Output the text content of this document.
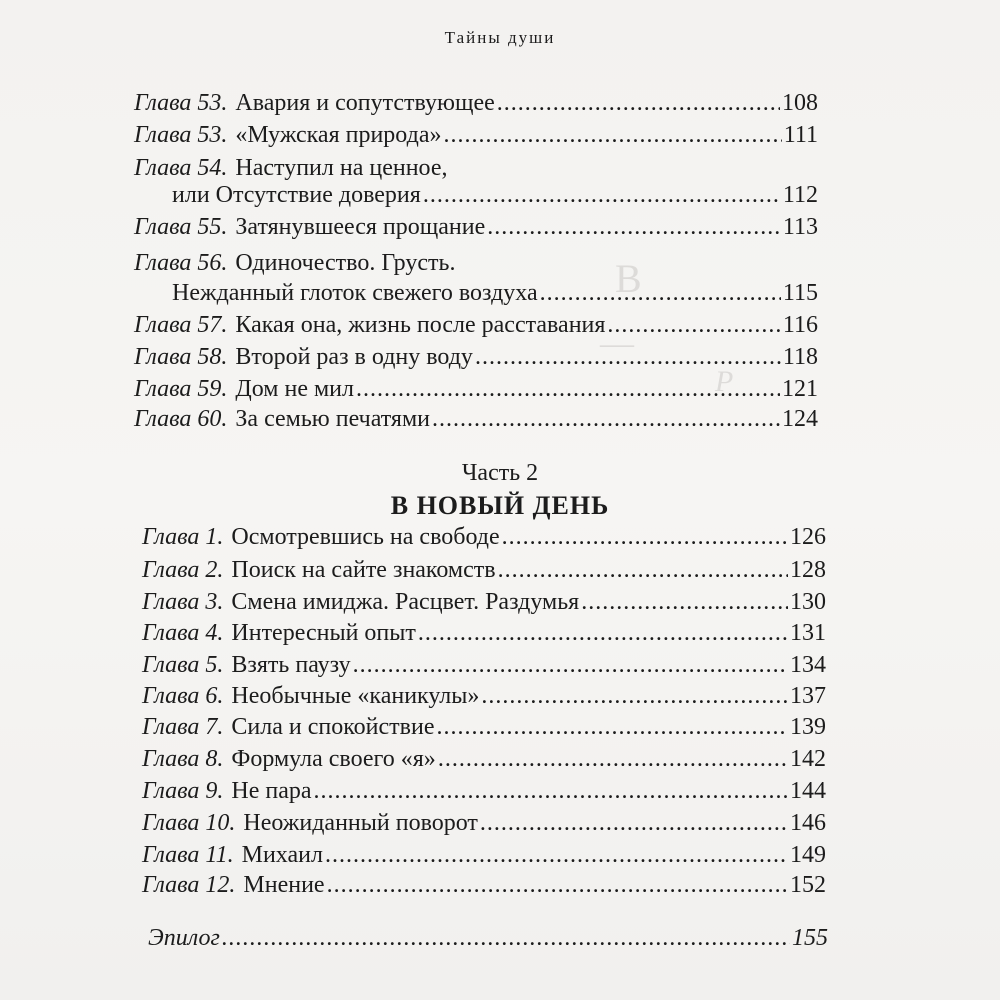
В
—
P
Тайны души
Глава 53. Авария и сопутствующее .....	108
Глава 53. «Мужская природа» .....	111
Глава 54. Наступил на ценное,
или Отсутствие доверия .....	112
Глава 55. Затянувшееся прощание .....	113
Глава 56. Одиночество. Грусть.
Нежданный глоток свежего воздуха .....	115
Глава 57. Какая она, жизнь после расставания .....	116
Глава 58. Второй раз в одну воду .....	118
Глава 59. Дом не мил .....	121
Глава 60. За семью печатями .....	124
Часть 2
В НОВЫЙ ДЕНЬ
Глава 1. Осмотревшись на свободе .....	126
Глава 2. Поиск на сайте знакомств .....	128
Глава 3. Смена имиджа. Расцвет. Раздумья .....	130
Глава 4. Интересный опыт .....	131
Глава 5. Взять паузу .....	134
Глава 6. Необычные «каникулы» .....	137
Глава 7. Сила и спокойствие .....	139
Глава 8. Формула своего «я» .....	142
Глава 9. Не пара .....	144
Глава 10. Неожиданный поворот .....	146
Глава 11. Михаил .....	149
Глава 12. Мнение .....	152
Эпилог .....	155
